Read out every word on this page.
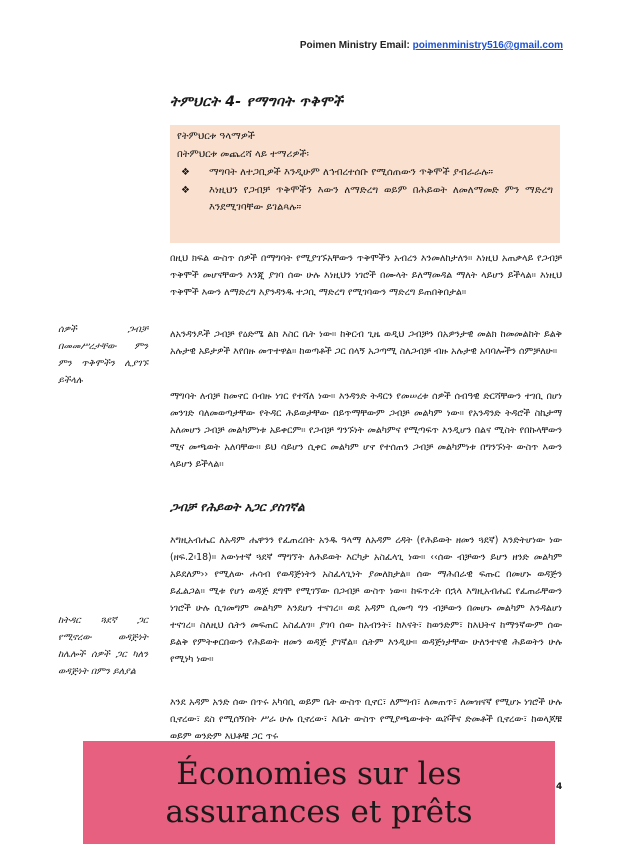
Poimen Ministry Email: poimenministry516@gmail.com
ትምህርት 4- የማግባት ጥቅሞች
የትምህርቱ ዓላማዎች
በትምህርቱ መጨረሻ ላይ ተማሪዎች፡
❖ ማግባት ለተጋቢዎች እንዲሁም ለኅብረተሰቡ የሚሰጠውን ጥቅሞች ያብራራሉ።
❖ እነዚህን የጋብቻ ጥቅሞችን እውን ለማድረግ ወይም በሕይወት ለመለማመድ ምን ማድረግ እንደሚገባቸው ይገልጻሉ።
በዚህ ክፍል ውስጥ ሰዎች በማግባት የሚያገኙአቸውን ጥቅሞችን አብረን እንመለከታለን። እነዚህ አጠቃላይ የጋብቻ ጥቅሞች መሆናቸውን እንጂ ያገባ ሰው ሁሉ እነዚህን ነገሮች በሙላት ይለማመዳል ማለት ላይሆን ይችላል። እነዚህ ጥቅሞች እውን ለማድረግ እያንዳንዱ ተጋቢ ማድረግ የሚገባውን ማድረግ ይጠበቅበታል።
ሰዎች ጋብቻ በመመሥረታቸው ምን ምን ጥቅሞችን ሊያገኙ ይችላሉ
ለአንዳንዶች ጋብቻ የዕድሜ ልክ እስር ቤት ነው። ከቅርብ ጊዜ ወዲህ ጋብቻን በአዎንታዊ መልክ ከመመልከት ይልቅ አሉታዊ አይታዎች እየበዙ መጥተዋል። ከወጣቶች ጋር በላኝ አጋጣሚ ስለጋብቻ ብዙ አሉታዊ አባባሎችን ሰምቻለሁ።
ማግባት ለብቻ ከመኖር በብዙ ነገር የተሻለ ነው። እንዳንድ ትዳርን የመሠረቱ ሰዎች ሰብዓዊ ድርሻቸውን ተገቢ በሆነ መንገድ ባለመወጣታቸው የትዳር ሕይወታቸው በይጥማቸውም ጋብቻ መልካም ነው። የአንዳንድ ትዳሮች ስኬታማ አለመሆን ጋብቻ መልካምነቱ አይቀርም። የጋብቻ ግንኙነት መልካምና የሚጣፍጥ እንዲሆን በልና ሚስት የበኩላቸውን ሚና መጫወት አለባቸው። ይህ ሳይሆን ሲቀር መልካም ሆኖ የተሰጠን ጋብቻ መልካምነቱ በግንኙነት ውስጥ እውን ላይሆን ይችላል።
ጋብቻ የሕይወት አጋር ያስገኛል
እግዚአብሔር ለአዳም ሔዋንን የፈጠረበት አንዱ ዓላማ ለአዳም ረዳት (የሕይወት ዘመን ጓደኛ) እንድትሆነው ነው (ዘፍ.2፡18)። እውነተኛ ጓደኛ ማግኘት ለሕይወት እርካታ አስፈላጊ ነው። ‹‹ሰው ብቻውን ይሆን ዘንድ መልካም አይደለም›› የሚለው ሐሳብ የወዳጅነትን አስፈላጊነት ያመለክታል። ሰው ማሕበራዊ ፍጡር በመሆኑ ወዳጅን ይፈልጋል። ሚቱ የሆነ ወዳጅ ደግሞ የሚገኘው በጋብቻ ውስጥ ነው። ከፍጥረት በኋላ እግዚአብሔር የፈጠራቸውን ነገሮች ሁሉ ሲገመግም መልካም እንደሆነ ተናገረ። ወደ አዳም ሲመጣ ግን ብቻውን በመሆኑ መልካም እንዳልሆነ ተናገረ። ስለዚህ ሴትን መፍጠር አስፈለገ። ያገባ ሰው ከአብንት፣ ከእናት፣ ከወንድም፣ ከእህትና ከማንኛውም ሰው ይልቅ የምትቀርበውን የሕይወት ዘመን ወዳጅ ያገኛል። ሴትም እንዲሁ። ወዳጅነታቸው ሁለንተናዊ ሕይወትን ሁሉ የሚነካ ነው።
ከትዳር ጓደኛ ጋር የሚኖረው ወዳጅነት ከሌሎች ሰዎች ጋር ካለን ወዳጅነት በምን ይለያል
እንደ አዳም አንድ ሰው በጥሩ አካባቢ ወይም ቤት ውስጥ ቢኖር፣ ለምግብ፣ ለመጠጥ፣ ለመዝናኛ የሚሆኑ ነገሮች ሁሉ ቢኖረው፣ ደስ የሚሰኝበት ሥራ ሁሉ ቢኖረው፣ እቤት ውስጥ የሚያጫውቱት ዉሾችና ድመቶች ቢኖረው፣ ከወላጆቹ ወይም ወንድም እህቶቹ ጋር ጥሩ
4
Économies sur les
assurances et prêts
